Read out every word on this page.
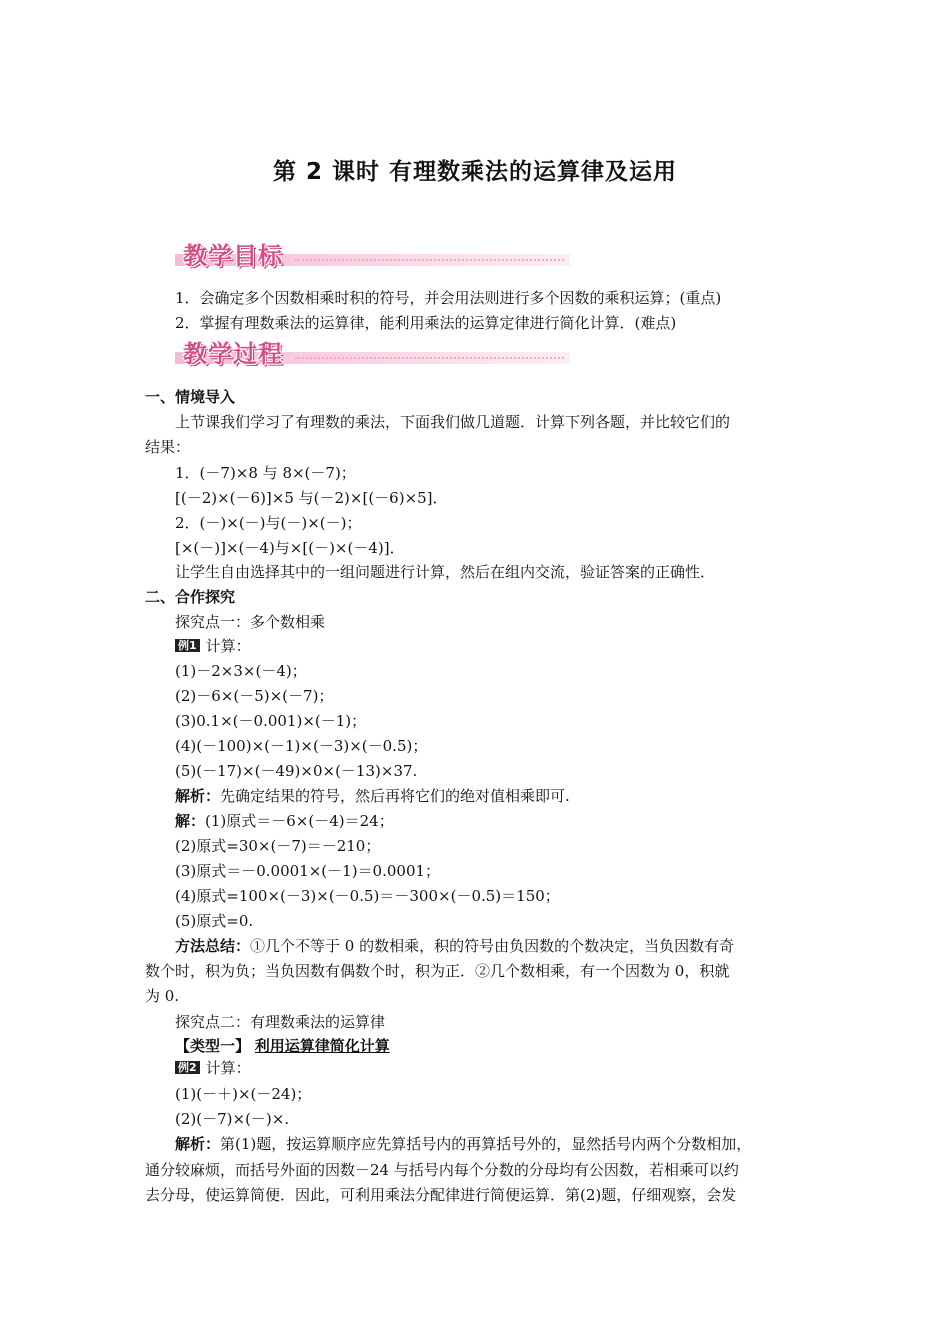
第 2 课时 有理数乘法的运算律及运用
教学目标
1．会确定多个因数相乘时积的符号，并会用法则进行多个因数的乘积运算；(重点)
2．掌握有理数乘法的运算律，能利用乘法的运算定律进行简化计算．(难点)
教学过程
一、情境导入
上节课我们学习了有理数的乘法，下面我们做几道题．计算下列各题，并比较它们的
结果：
1．(－7)×8 与 8×(－7)；
[(－2)×(－6)]×5 与(－2)×[(－6)×5]．
2．(－)×(－)与(－)×(－)；
[×(－)]×(－4)与×[(－)×(－4)]．
让学生自由选择其中的一组问题进行计算，然后在组内交流，验证答案的正确性．
二、合作探究
探究点一：多个数相乘
例1 计算：
(1)－2×3×(－4)；
(2)－6×(－5)×(－7)；
(3)0.1×(－0.001)×(－1)；
(4)(－100)×(－1)×(－3)×(－0.5)；
(5)(－17)×(－49)×0×(－13)×37.
解析：先确定结果的符号，然后再将它们的绝对值相乘即可.
解：(1)原式＝－6×(－4)＝24；
(2)原式=30×(－7)＝－210；
(3)原式＝－0.0001×(－1)＝0.0001；
(4)原式=100×(－3)×(－0.5)＝－300×(－0.5)＝150；
(5)原式=0.
方法总结：①几个不等于 0 的数相乘，积的符号由负因数的个数决定，当负因数有奇
数个时，积为负；当负因数有偶数个时，积为正．②几个数相乘，有一个因数为 0，积就
为 0.
探究点二：有理数乘法的运算律
【类型一】 利用运算律简化计算
例2 计算：
(1)(－＋)×(－24)；
(2)(－7)×(－)×.
解析：第(1)题，按运算顺序应先算括号内的再算括号外的，显然括号内两个分数相加，
通分较麻烦，而括号外面的因数－24 与括号内每个分数的分母均有公因数，若相乘可以约
去分母，使运算简便．因此，可利用乘法分配律进行简便运算．第(2)题，仔细观察，会发
